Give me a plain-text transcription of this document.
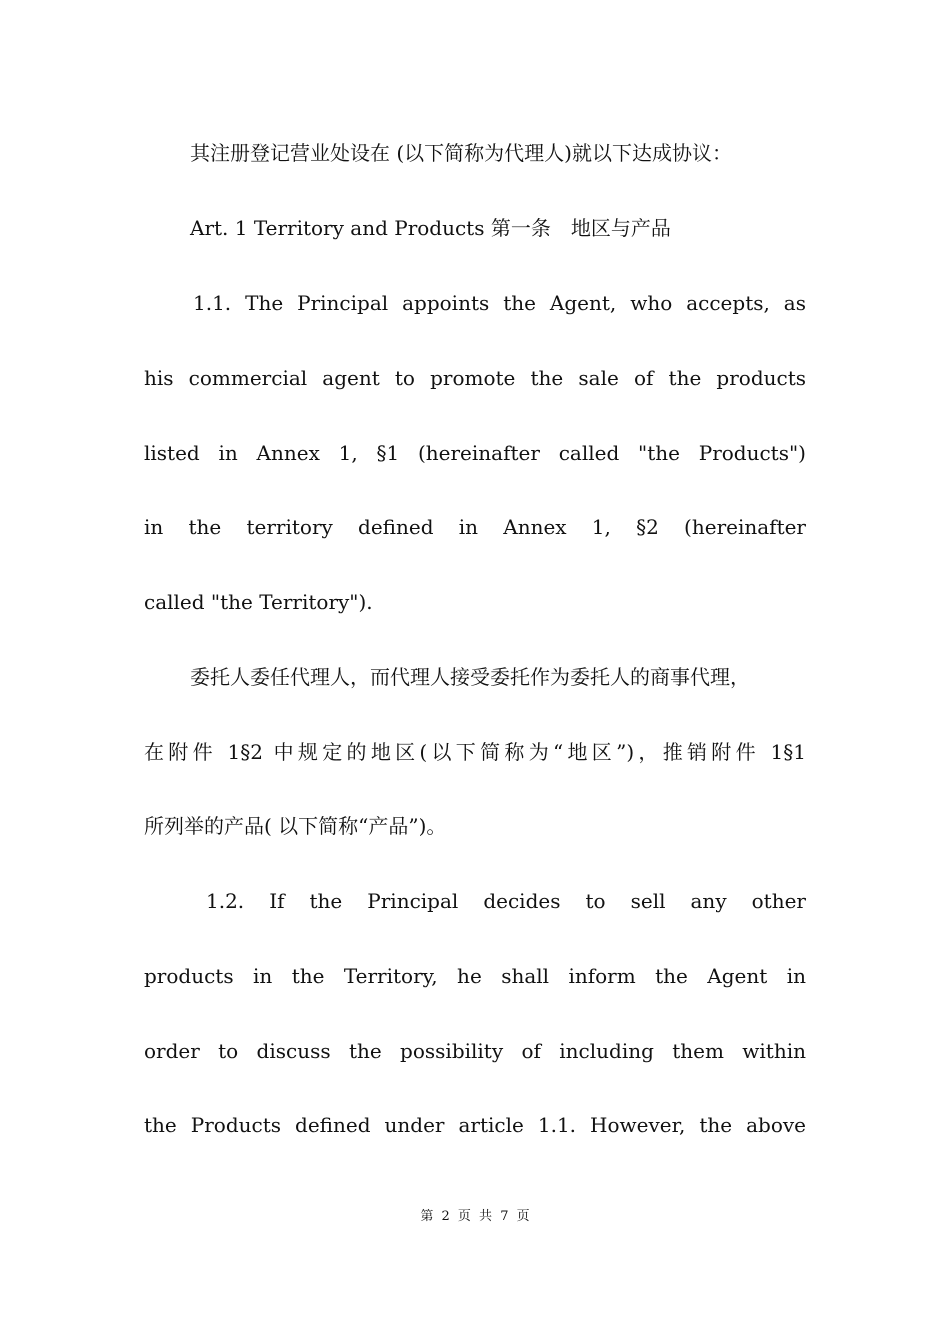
其注册登记营业处设在 (以下简称为代理人)就以下达成协议：
Art. 1 Territory and Products 第一条　地区与产品
1.1. The Principal appoints the Agent, who accepts, as
his commercial agent to promote the sale of the products
listed in Annex 1, §1 (hereinafter called "the Products")
in the territory defined in Annex 1, §2 (hereinafter
called "the Territory").
委托人委任代理人，而代理人接受委托作为委托人的商事代理，
在附件 1§2 中规定的地区(以下简称为“地区”)，推销附件 1§1
所列举的产品( 以下简称“产品”)。
1.2. If the Principal decides to sell any other
products in the Territory, he shall inform the Agent in
order to discuss the possibility of including them within
the Products defined under article 1.1. However, the above
第 2 页 共 7 页
